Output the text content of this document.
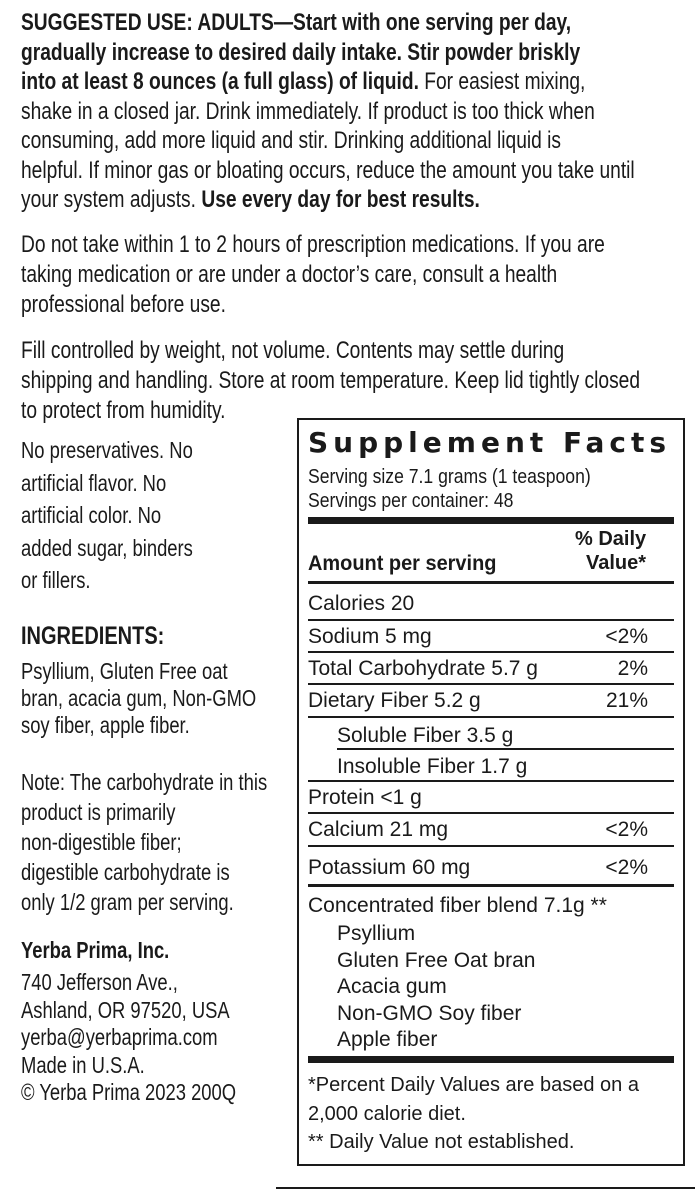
SUGGESTED USE: ADULTS—Start with one serving per day,
gradually increase to desired daily intake. Stir powder briskly
into at least 8 ounces (a full glass) of liquid. For easiest mixing,
shake in a closed jar. Drink immediately. If product is too thick when
consuming, add more liquid and stir. Drinking additional liquid is
helpful. If minor gas or bloating occurs, reduce the amount you take until
your system adjusts. Use every day for best results.
Do not take within 1 to 2 hours of prescription medications. If you are
taking medication or are under a doctor’s care, consult a health
professional before use.
Fill controlled by weight, not volume. Contents may settle during
shipping and handling. Store at room temperature. Keep lid tightly closed
to protect from humidity.
No preservatives. No
artificial flavor. No
artificial color. No
added sugar, binders
or fillers.
INGREDIENTS:
Psyllium, Gluten Free oat
bran, acacia gum, Non-GMO
soy fiber, apple fiber.
Note: The carbohydrate in this
product is primarily
non-digestible fiber;
digestible carbohydrate is
only 1/2 gram per serving.
Yerba Prima, Inc.
740 Jefferson Ave.,
Ashland, OR 97520, USA
yerba@yerbaprima.com
Made in U.S.A.
© Yerba Prima 2023 200Q
Supplement Facts
Serving size 7.1 grams (1 teaspoon)
Servings per container: 48
% Daily
Amount per serving	Value*
Calories 20
Sodium 5 mg	<2%
Total Carbohydrate 5.7 g	2%
Dietary Fiber 5.2 g	21%
Soluble Fiber 3.5 g
Insoluble Fiber 1.7 g
Protein <1 g
Calcium 21 mg	<2%
Potassium 60 mg	<2%
Concentrated fiber blend 7.1g **
Psyllium
Gluten Free Oat bran
Acacia gum
Non-GMO Soy fiber
Apple fiber
*Percent Daily Values are based on a
2,000 calorie diet.
** Daily Value not established.
